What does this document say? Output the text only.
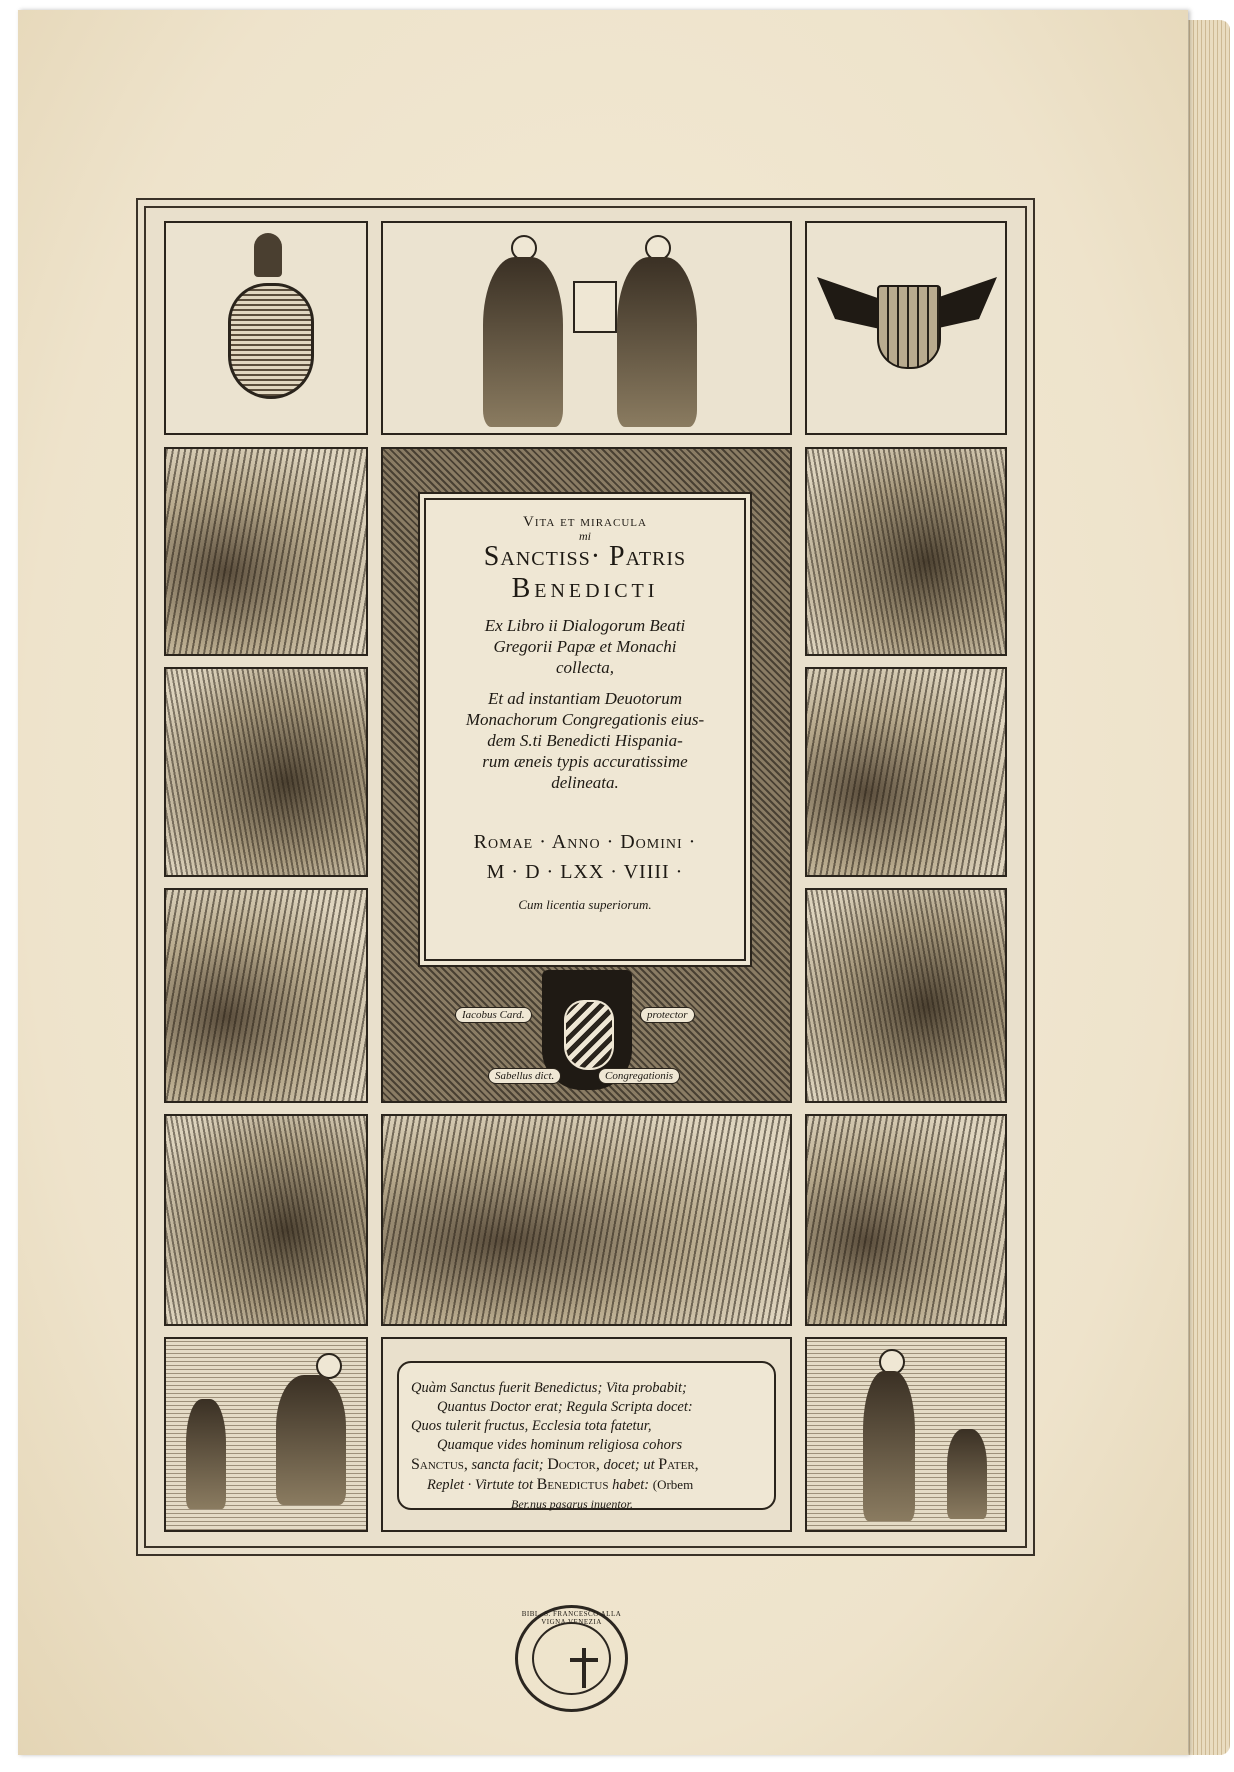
Vita et miracula
mi
Sanctiss· Patris
Benedicti
Ex Libro ii Dialogorum Beati
Gregorii Papæ et Monachi
collecta,
Et ad instantiam Deuotorum
Monachorum Congregationis eius-
dem S.ti Benedicti Hispania-
rum æneis typis accuratissime
delineata.
Romae · Anno · Domini ·
M · D · LXX · VIIII ·
Cum licentia superiorum.
Iacobus Card.	protector
Sabellus dict.	Congregationis
Quàm Sanctus fuerit Benedictus; Vita probabit;
Quantus Doctor erat; Regula Scripta docet:
Quos tulerit fructus, Ecclesia tota fatetur,
Quamque vides hominum religiosa cohors
Sanctus, sancta facit; Doctor, docet; ut Pater,
Replet · Virtute tot Benedictus habet: (Orbem
Ber.nus pasarus inuentor.
BIBL. S. FRANCESCO ALLA VIGNA VENEZIA
